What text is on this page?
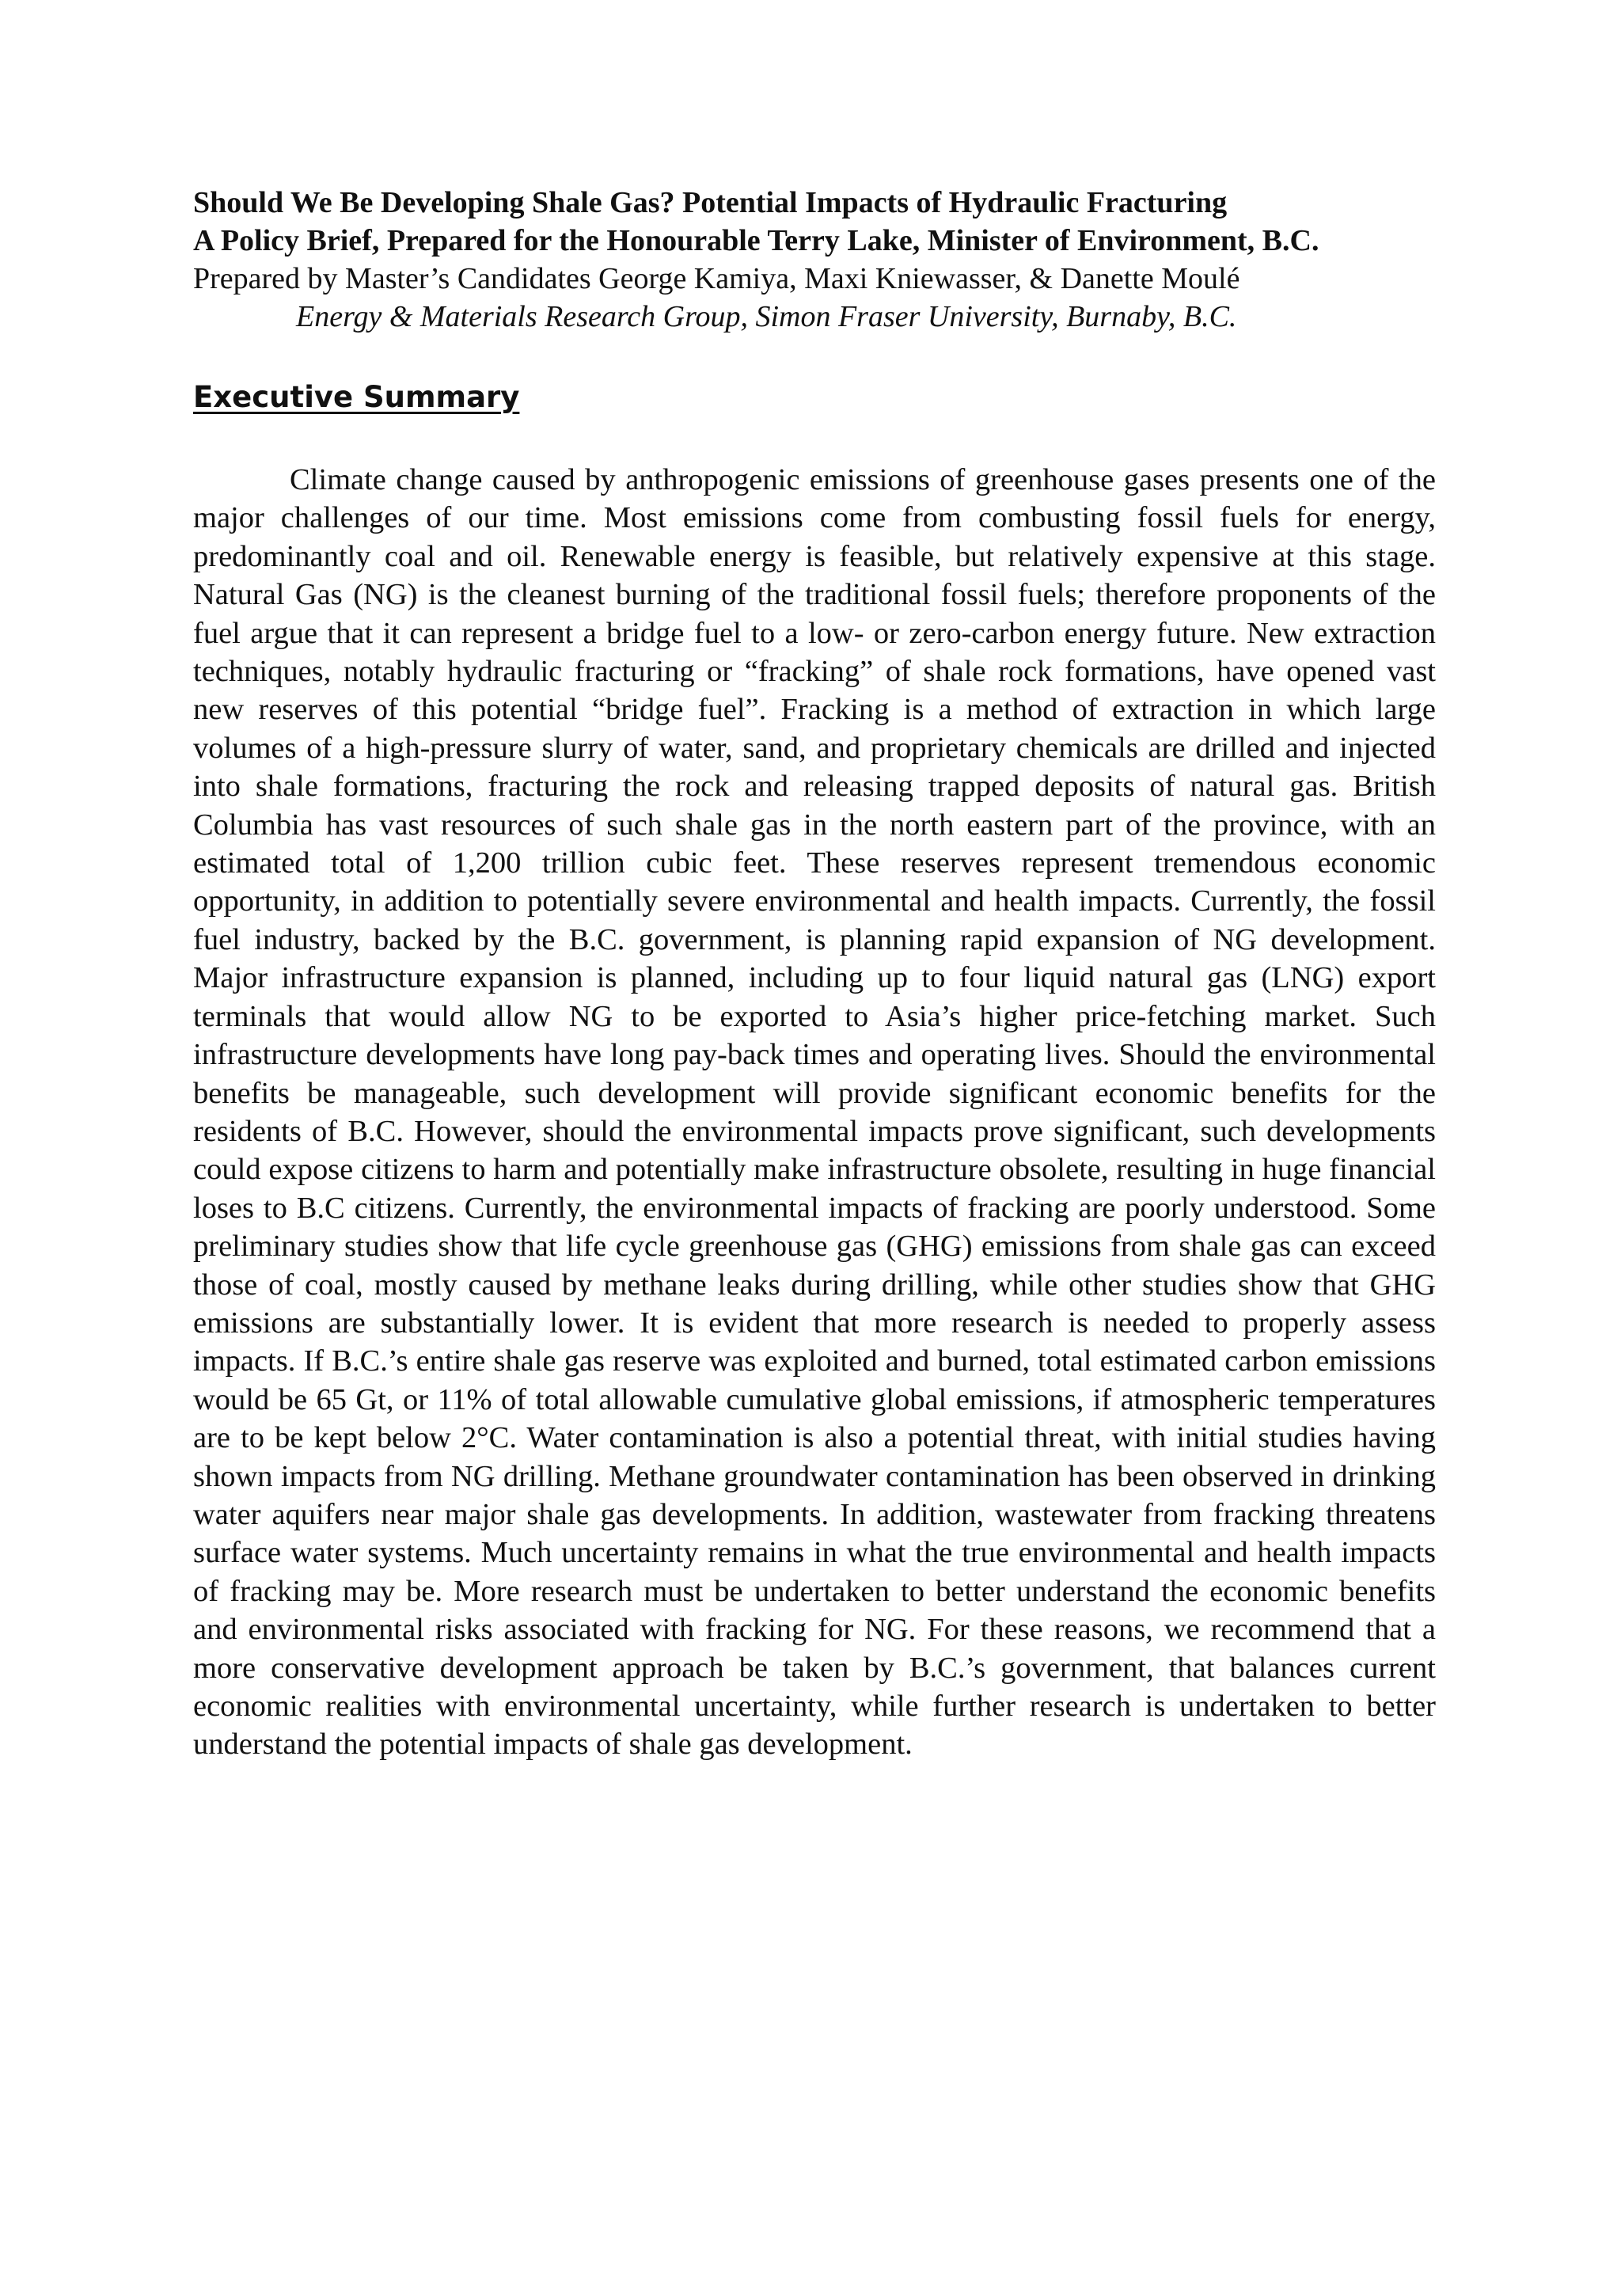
Should We Be Developing Shale Gas? Potential Impacts of Hydraulic Fracturing
A Policy Brief, Prepared for the Honourable Terry Lake, Minister of Environment, B.C.
Prepared by Master’s Candidates George Kamiya, Maxi Kniewasser, & Danette Moulé
Energy & Materials Research Group, Simon Fraser University, Burnaby, B.C.
Executive Summary

Climate change caused by anthropogenic emissions of greenhouse gases presents one of the major challenges of our time. Most emissions come from combusting fossil fuels for energy, predominantly coal and oil. Renewable energy is feasible, but relatively expensive at this stage. Natural Gas (NG) is the cleanest burning of the traditional fossil fuels; therefore proponents of the fuel argue that it can represent a bridge fuel to a low- or zero-carbon energy future. New extraction techniques, notably hydraulic fracturing or “fracking” of shale rock formations, have opened vast new reserves of this potential “bridge fuel”. Fracking is a method of extraction in which large volumes of a high-pressure slurry of water, sand, and proprietary chemicals are drilled and injected into shale formations, fracturing the rock and releasing trapped deposits of natural gas. British Columbia has vast resources of such shale gas in the north eastern part of the province, with an estimated total of 1,200 trillion cubic feet. These reserves represent tremendous economic opportunity, in addition to potentially severe environmental and health impacts. Currently, the fossil fuel industry, backed by the B.C. government, is planning rapid expansion of NG development. Major infrastructure expansion is planned, including up to four liquid natural gas (LNG) export terminals that would allow NG to be exported to Asia’s higher price-fetching market. Such infrastructure developments have long pay-back times and operating lives. Should the environmental benefits be manageable, such development will provide significant economic benefits for the residents of B.C. However, should the environmental impacts prove significant, such developments could expose citizens to harm and potentially make infrastructure obsolete, resulting in huge financial loses to B.C citizens. Currently, the environmental impacts of fracking are poorly understood. Some preliminary studies show that life cycle greenhouse gas (GHG) emissions from shale gas can exceed those of coal, mostly caused by methane leaks during drilling, while other studies show that GHG emissions are substantially lower. It is evident that more research is needed to properly assess impacts. If B.C.’s entire shale gas reserve was exploited and burned, total estimated carbon emissions would be 65 Gt, or 11% of total allowable cumulative global emissions, if atmospheric temperatures are to be kept below 2°C. Water contamination is also a potential threat, with initial studies having shown impacts from NG drilling. Methane groundwater contamination has been observed in drinking water aquifers near major shale gas developments. In addition, wastewater from fracking threatens surface water systems. Much uncertainty remains in what the true environmental and health impacts of fracking may be. More research must be undertaken to better understand the economic benefits and environmental risks associated with fracking for NG. For these reasons, we recommend that a more conservative development approach be taken by B.C.’s government, that balances current economic realities with environmental uncertainty, while further research is undertaken to better understand the potential impacts of shale gas development.
